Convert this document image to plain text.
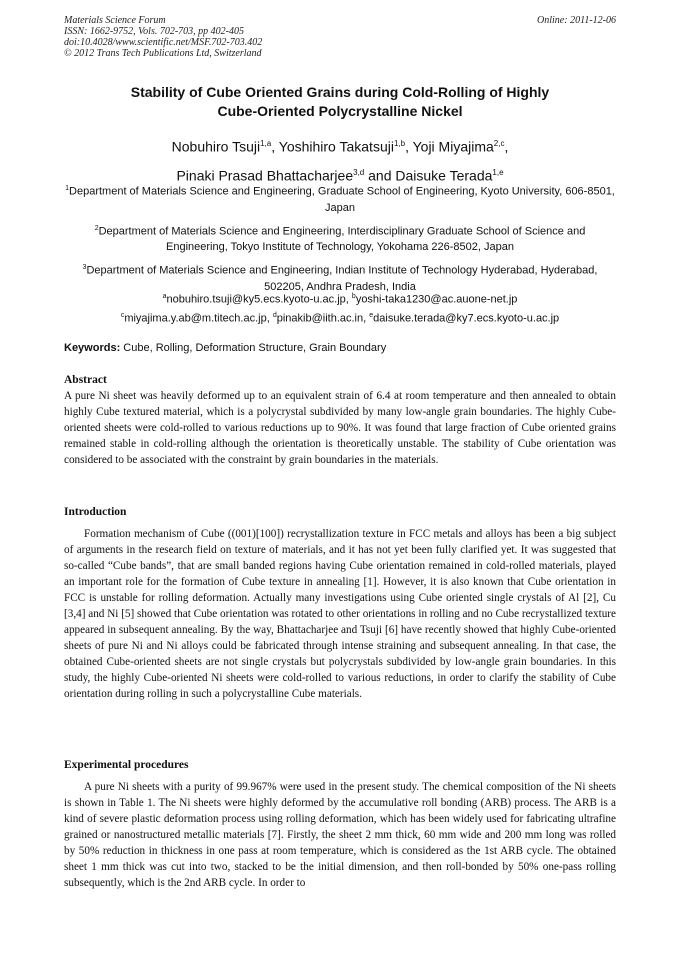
Materials Science Forum
ISSN: 1662-9752, Vols. 702-703, pp 402-405
doi:10.4028/www.scientific.net/MSF.702-703.402
© 2012 Trans Tech Publications Ltd, Switzerland
Online: 2011-12-06
Stability of Cube Oriented Grains during Cold-Rolling of Highly
Cube-Oriented Polycrystalline Nickel
Nobuhiro Tsuji$^{1,a}$, Yoshihiro Takatsuji$^{1,b}$, Yoji Miyajima$^{2,c}$,
Pinaki Prasad Bhattacharjee$^{3,d}$ and Daisuke Terada$^{1,e}$
$^1$Department of Materials Science and Engineering, Graduate School of Engineering, Kyoto University, 606-8501, Japan
$^2$Department of Materials Science and Engineering, Interdisciplinary Graduate School of Science and Engineering, Tokyo Institute of Technology, Yokohama 226-8502, Japan
$^3$Department of Materials Science and Engineering, Indian Institute of Technology Hyderabad, Hyderabad, 502205, Andhra Pradesh, India
$^a$nobuhiro.tsuji@ky5.ecs.kyoto-u.ac.jp, $^b$yoshi-taka1230@ac.auone-net.jp
$^c$miyajima.y.ab@m.titech.ac.jp, $^d$pinakib@iith.ac.in, $^e$daisuke.terada@ky7.ecs.kyoto-u.ac.jp
Keywords: Cube, Rolling, Deformation Structure, Grain Boundary
Abstract

A pure Ni sheet was heavily deformed up to an equivalent strain of 6.4 at room temperature and then annealed to obtain highly Cube textured material, which is a polycrystal subdivided by many low-angle grain boundaries. The highly Cube-oriented sheets were cold-rolled to various reductions up to 90%. It was found that large fraction of Cube oriented grains remained stable in cold-rolling although the orientation is theoretically unstable. The stability of Cube orientation was considered to be associated with the constraint by grain boundaries in the materials.

Introduction

Formation mechanism of Cube ((001)[100]) recrystallization texture in FCC metals and alloys has been a big subject of arguments in the research field on texture of materials, and it has not yet been fully clarified yet. It was suggested that so-called “Cube bands”, that are small banded regions having Cube orientation remained in cold-rolled materials, played an important role for the formation of Cube texture in annealing [1]. However, it is also known that Cube orientation in FCC is unstable for rolling deformation. Actually many investigations using Cube oriented single crystals of Al [2], Cu [3,4] and Ni [5] showed that Cube orientation was rotated to other orientations in rolling and no Cube recrystallized texture appeared in subsequent annealing. By the way, Bhattacharjee and Tsuji [6] have recently showed that highly Cube-oriented sheets of pure Ni and Ni alloys could be fabricated through intense straining and subsequent annealing. In that case, the obtained Cube-oriented sheets are not single crystals but polycrystals subdivided by low-angle grain boundaries. In this study, the highly Cube-oriented Ni sheets were cold-rolled to various reductions, in order to clarify the stability of Cube orientation during rolling in such a polycrystalline Cube materials.

Experimental procedures

A pure Ni sheets with a purity of 99.967% were used in the present study. The chemical composition of the Ni sheets is shown in Table 1. The Ni sheets were highly deformed by the accumulative roll bonding (ARB) process. The ARB is a kind of severe plastic deformation process using rolling deformation, which has been widely used for fabricating ultrafine grained or nanostructured metallic materials [7]. Firstly, the sheet 2 mm thick, 60 mm wide and 200 mm long was rolled by 50% reduction in thickness in one pass at room temperature, which is considered as the 1st ARB cycle. The obtained sheet 1 mm thick was cut into two, stacked to be the initial dimension, and then roll-bonded by 50% one-pass rolling subsequently, which is the 2nd ARB cycle. In order to
